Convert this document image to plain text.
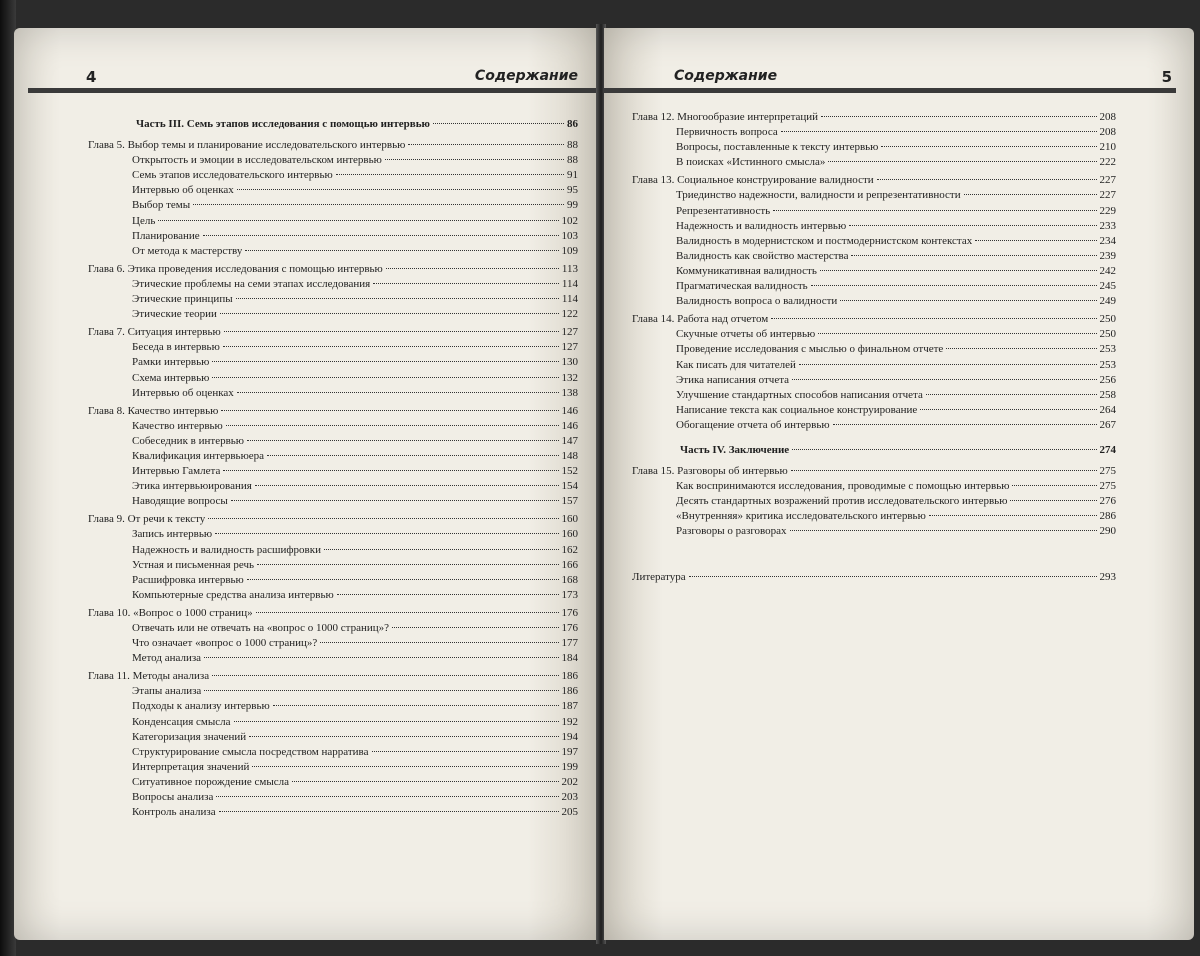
4	Содержание
Часть III. Семь этапов исследования с помощью интервью	86
Глава 5. Выбор темы и планирование исследовательского интервью	88
Открытость и эмоции в исследовательском интервью	88
Семь этапов исследовательского интервью	91
Интервью об оценках	95
Выбор темы	99
Цель	102
Планирование	103
От метода к мастерству	109
Глава 6. Этика проведения исследования с помощью интервью	113
Этические проблемы на семи этапах исследования	114
Этические принципы	114
Этические теории	122
Глава 7. Ситуация интервью	127
Беседа в интервью	127
Рамки интервью	130
Схема интервью	132
Интервью об оценках	138
Глава 8. Качество интервью	146
Качество интервью	146
Собеседник в интервью	147
Квалификация интервьюера	148
Интервью Гамлета	152
Этика интервьюирования	154
Наводящие вопросы	157
Глава 9. От речи к тексту	160
Запись интервью	160
Надежность и валидность расшифровки	162
Устная и письменная речь	166
Расшифровка интервью	168
Компьютерные средства анализа интервью	173
Глава 10. «Вопрос о 1000 страниц»	176
Отвечать или не отвечать на «вопрос о 1000 страниц»?	176
Что означает «вопрос о 1000 страниц»?	177
Метод анализа	184
Глава 11. Методы анализа	186
Этапы анализа	186
Подходы к анализу интервью	187
Конденсация смысла	192
Категоризация значений	194
Структурирование смысла посредством нарратива	197
Интерпретация значений	199
Ситуативное порождение смысла	202
Вопросы анализа	203
Контроль анализа	205
Содержание	5
Глава 12. Многообразие интерпретаций	208
Первичность вопроса	208
Вопросы, поставленные к тексту интервью	210
В поисках «Истинного смысла»	222
Глава 13. Социальное конструирование валидности	227
Триединство надежности, валидности и репрезентативности	227
Репрезентативность	229
Надежность и валидность интервью	233
Валидность в модернистском и постмодернистском контекстах	234
Валидность как свойство мастерства	239
Коммуникативная валидность	242
Прагматическая валидность	245
Валидность вопроса о валидности	249
Глава 14. Работа над отчетом	250
Скучные отчеты об интервью	250
Проведение исследования с мыслью о финальном отчете	253
Как писать для читателей	253
Этика написания отчета	256
Улучшение стандартных способов написания отчета	258
Написание текста как социальное конструирование	264
Обогащение отчета об интервью	267
Часть IV. Заключение	274
Глава 15. Разговоры об интервью	275
Как воспринимаются исследования, проводимые с помощью интервью	275
Десять стандартных возражений против исследовательского интервью	276
«Внутренняя» критика исследовательского интервью	286
Разговоры о разговорах	290
Литература	293
